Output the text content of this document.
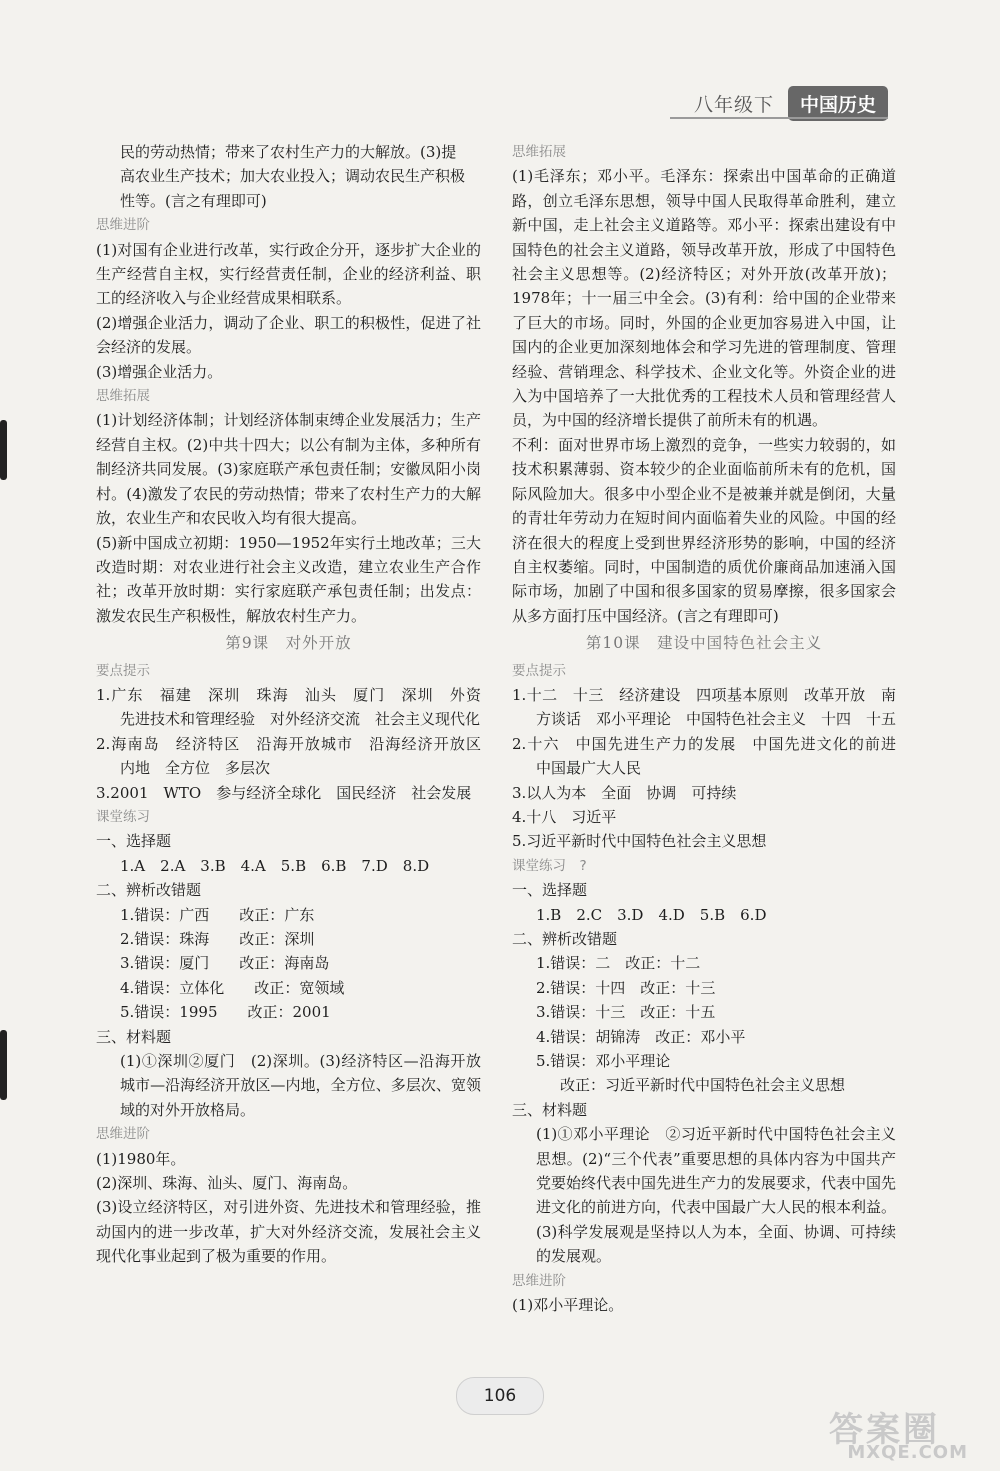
八年级下	中国历史

民的劳动热情；带来了农村生产力的大解放。(3)提

高农业生产技术；加大农业投入；调动农民生产积极

性等。(言之有理即可)

思维进阶

(1)对国有企业进行改革，实行政企分开，逐步扩大企业的生产经营自主权，实行经营责任制，企业的经济利益、职工的经济收入与企业经营成果相联系。

(2)增强企业活力，调动了企业、职工的积极性，促进了社会经济的发展。

(3)增强企业活力。

思维拓展

(1)计划经济体制；计划经济体制束缚企业发展活力；生产经营自主权。(2)中共十四大；以公有制为主体，多种所有制经济共同发展。(3)家庭联产承包责任制；安徽凤阳小岗村。(4)激发了农民的劳动热情；带来了农村生产力的大解放，农业生产和农民收入均有很大提高。

(5)新中国成立初期：1950—1952年实行土地改革；三大改造时期：对农业进行社会主义改造，建立农业生产合作社；改革开放时期：实行家庭联产承包责任制；出发点：激发农民生产积极性，解放农村生产力。

第9课　对外开放

要点提示

1.广东　福建　深圳　珠海　汕头　厦门　深圳　外资　先进技术和管理经验　对外经济交流　社会主义现代化

2.海南岛　经济特区　沿海开放城市　沿海经济开放区　内地　全方位　多层次

3.2001　WTO　参与经济全球化　国民经济　社会发展

课堂练习

一、选择题

1.A　2.A　3.B　4.A　5.B　6.B　7.D　8.D

二、辨析改错题

1.错误：广西　　改正：广东

2.错误：珠海　　改正：深圳

3.错误：厦门　　改正：海南岛

4.错误：立体化　　改正：宽领域

5.错误：1995　　改正：2001

三、材料题

(1)①深圳②厦门　(2)深圳。(3)经济特区—沿海开放城市—沿海经济开放区—内地，全方位、多层次、宽领域的对外开放格局。

思维进阶

(1)1980年。

(2)深圳、珠海、汕头、厦门、海南岛。

(3)设立经济特区，对引进外资、先进技术和管理经验，推动国内的进一步改革，扩大对外经济交流，发展社会主义现代化事业起到了极为重要的作用。

思维拓展

(1)毛泽东；邓小平。毛泽东：探索出中国革命的正确道路，创立毛泽东思想，领导中国人民取得革命胜利，建立新中国，走上社会主义道路等。邓小平：探索出建设有中国特色的社会主义道路，领导改革开放，形成了中国特色社会主义思想等。(2)经济特区；对外开放(改革开放)；1978年；十一届三中全会。(3)有利：给中国的企业带来了巨大的市场。同时，外国的企业更加容易进入中国，让国内的企业更加深刻地体会和学习先进的管理制度、管理经验、营销理念、科学技术、企业文化等。外资企业的进入为中国培养了一大批优秀的工程技术人员和管理经营人员，为中国的经济增长提供了前所未有的机遇。

不利：面对世界市场上激烈的竞争，一些实力较弱的，如技术积累薄弱、资本较少的企业面临前所未有的危机，国际风险加大。很多中小型企业不是被兼并就是倒闭，大量的青壮年劳动力在短时间内面临着失业的风险。中国的经济在很大的程度上受到世界经济形势的影响，中国的经济自主权萎缩。同时，中国制造的质优价廉商品加速涌入国际市场，加剧了中国和很多国家的贸易摩擦，很多国家会从多方面打压中国经济。(言之有理即可)

第10课　建设中国特色社会主义

要点提示

1.十二　十三　经济建设　四项基本原则　改革开放　南方谈话　邓小平理论　中国特色社会主义　十四　十五

2.十六　中国先进生产力的发展　中国先进文化的前进　中国最广大人民

3.以人为本　全面　协调　可持续

4.十八　习近平

5.习近平新时代中国特色社会主义思想

课堂练习　?

一、选择题

1.B　2.C　3.D　4.D　5.B　6.D

二、辨析改错题

1.错误：二　改正：十二

2.错误：十四　改正：十三

3.错误：十三　改正：十五

4.错误：胡锦涛　改正：邓小平

5.错误：邓小平理论

改正：习近平新时代中国特色社会主义思想

三、材料题

(1)①邓小平理论　②习近平新时代中国特色社会主义思想。(2)“三个代表”重要思想的具体内容为中国共产党要始终代表中国先进生产力的发展要求，代表中国先进文化的前进方向，代表中国最广大人民的根本利益。(3)科学发展观是坚持以人为本，全面、协调、可持续的发展观。

思维进阶

(1)邓小平理论。

106
答案圈
MXQE.COM
